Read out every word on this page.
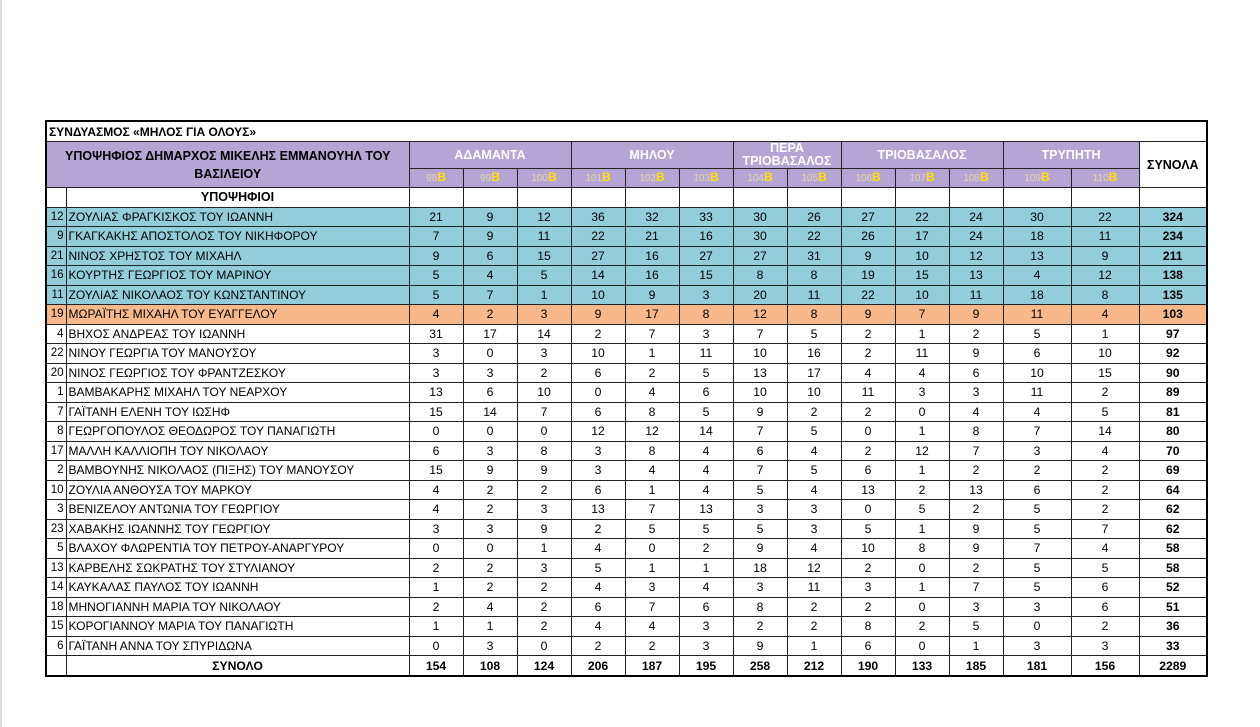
ΣΥΝΔΥΑΣΜΟΣ «ΜΗΛΟΣ ΓΙΑ ΟΛΟΥΣ»															
ΥΠΟΨΗΦΙΟΣ ΔΗΜΑΡΧΟΣ ΜΙΚΕΛΗΣ ΕΜΜΑΝΟΥΗΛ ΤΟΥ ΒΑΣΙΛΕΙΟΥ		ΑΔΑΜΑΝΤΑ			ΜΗΛΟΥ			ΠΕΡΑ ΤΡΙΟΒΑΣΑΛΟΣ		ΤΡΙΟΒΑΣΑΛΟΣ			ΤΡΥΠΗΤΗ		ΣΥΝΟΛΑ
		98Β	99Β	100Β	101Β	102Β	103Β	104Β	105Β	106Β	107Β	108Β	109Β	110Β	
	ΥΠΟΨΗΦΙΟΙ														
12	ΖΟΥΛΙΑΣ ΦΡΑΓΚΙΣΚΟΣ ΤΟΥ ΙΩΑΝΝΗ	21	9	12	36	32	33	30	26	27	22	24	30	22	324
9	ΓΚΑΓΚΑΚΗΣ ΑΠΟΣΤΟΛΟΣ ΤΟΥ ΝΙΚΗΦΟΡΟΥ	7	9	11	22	21	16	30	22	26	17	24	18	11	234
21	ΝΙΝΟΣ ΧΡΗΣΤΟΣ ΤΟΥ ΜΙΧΑΗΛ	9	6	15	27	16	27	27	31	9	10	12	13	9	211
16	ΚΟΥΡΤΗΣ ΓΕΩΡΓΙΟΣ ΤΟΥ ΜΑΡΙΝΟΥ	5	4	5	14	16	15	8	8	19	15	13	4	12	138
11	ΖΟΥΛΙΑΣ ΝΙΚΟΛΑΟΣ ΤΟΥ ΚΩΝΣΤΑΝΤΙΝΟΥ	5	7	1	10	9	3	20	11	22	10	11	18	8	135
19	ΜΩΡΑΪΤΗΣ ΜΙΧΑΗΛ ΤΟΥ ΕΥΑΓΓΕΛΟΥ	4	2	3	9	17	8	12	8	9	7	9	11	4	103
4	ΒΗΧΟΣ ΑΝΔΡΕΑΣ ΤΟΥ ΙΩΑΝΝΗ	31	17	14	2	7	3	7	5	2	1	2	5	1	97
22	ΝΙΝΟΥ ΓΕΩΡΓΙΑ ΤΟΥ ΜΑΝΟΥΣΟΥ	3	0	3	10	1	11	10	16	2	11	9	6	10	92
20	ΝΙΝΟΣ ΓΕΩΡΓΙΟΣ ΤΟΥ ΦΡΑΝΤΖΕΣΚΟΥ	3	3	2	6	2	5	13	17	4	4	6	10	15	90
1	ΒΑΜΒΑΚΑΡΗΣ ΜΙΧΑΗΛ ΤΟΥ ΝΕΑΡΧΟΥ	13	6	10	0	4	6	10	10	11	3	3	11	2	89
7	ΓΑΪΤΑΝΗ ΕΛΕΝΗ ΤΟΥ ΙΩΣΗΦ	15	14	7	6	8	5	9	2	2	0	4	4	5	81
8	ΓΕΩΡΓΟΠΟΥΛΟΣ ΘΕΟΔΩΡΟΣ ΤΟΥ ΠΑΝΑΓΙΩΤΗ	0	0	0	12	12	14	7	5	0	1	8	7	14	80
17	ΜΑΛΛΗ ΚΑΛΛΙΟΠΗ ΤΟΥ ΝΙΚΟΛΑΟΥ	6	3	8	3	8	4	6	4	2	12	7	3	4	70
2	ΒΑΜΒΟΥΝΗΣ ΝΙΚΟΛΑΟΣ (ΠΙΞΗΣ) ΤΟΥ ΜΑΝΟΥΣΟΥ	15	9	9	3	4	4	7	5	6	1	2	2	2	69
10	ΖΟΥΛΙΑ ΑΝΘΟΥΣΑ ΤΟΥ ΜΑΡΚΟΥ	4	2	2	6	1	4	5	4	13	2	13	6	2	64
3	ΒΕΝΙΖΕΛΟΥ ΑΝΤΩΝΙΑ ΤΟΥ ΓΕΩΡΓΙΟΥ	4	2	3	13	7	13	3	3	0	5	2	5	2	62
23	ΧΑΒΑΚΗΣ ΙΩΑΝΝΗΣ ΤΟΥ ΓΕΩΡΓΙΟΥ	3	3	9	2	5	5	5	3	5	1	9	5	7	62
5	ΒΛΑΧΟΥ ΦΛΩΡΕΝΤΙΑ ΤΟΥ ΠΕΤΡΟΥ-ΑΝΑΡΓΥΡΟΥ	0	0	1	4	0	2	9	4	10	8	9	7	4	58
13	ΚΑΡΒΕΛΗΣ ΣΩΚΡΑΤΗΣ ΤΟΥ ΣΤΥΛΙΑΝΟΥ	2	2	3	5	1	1	18	12	2	0	2	5	5	58
14	ΚΑΥΚΑΛΑΣ ΠΑΥΛΟΣ ΤΟΥ ΙΩΑΝΝΗ	1	2	2	4	3	4	3	11	3	1	7	5	6	52
18	ΜΗΝΟΓΙΑΝΝΗ ΜΑΡΙΑ ΤΟΥ ΝΙΚΟΛΑΟΥ	2	4	2	6	7	6	8	2	2	0	3	3	6	51
15	ΚΟΡΟΓΙΑΝΝΟΥ ΜΑΡΙΑ ΤΟΥ ΠΑΝΑΓΙΩΤΗ	1	1	2	4	4	3	2	2	8	2	5	0	2	36
6	ΓΑΪΤΑΝΗ ΑΝΝΑ ΤΟΥ ΣΠΥΡΙΔΩΝΑ	0	3	0	2	2	3	9	1	6	0	1	3	3	33
	ΣΥΝΟΛΟ	154	108	124	206	187	195	258	212	190	133	185	181	156	2289
